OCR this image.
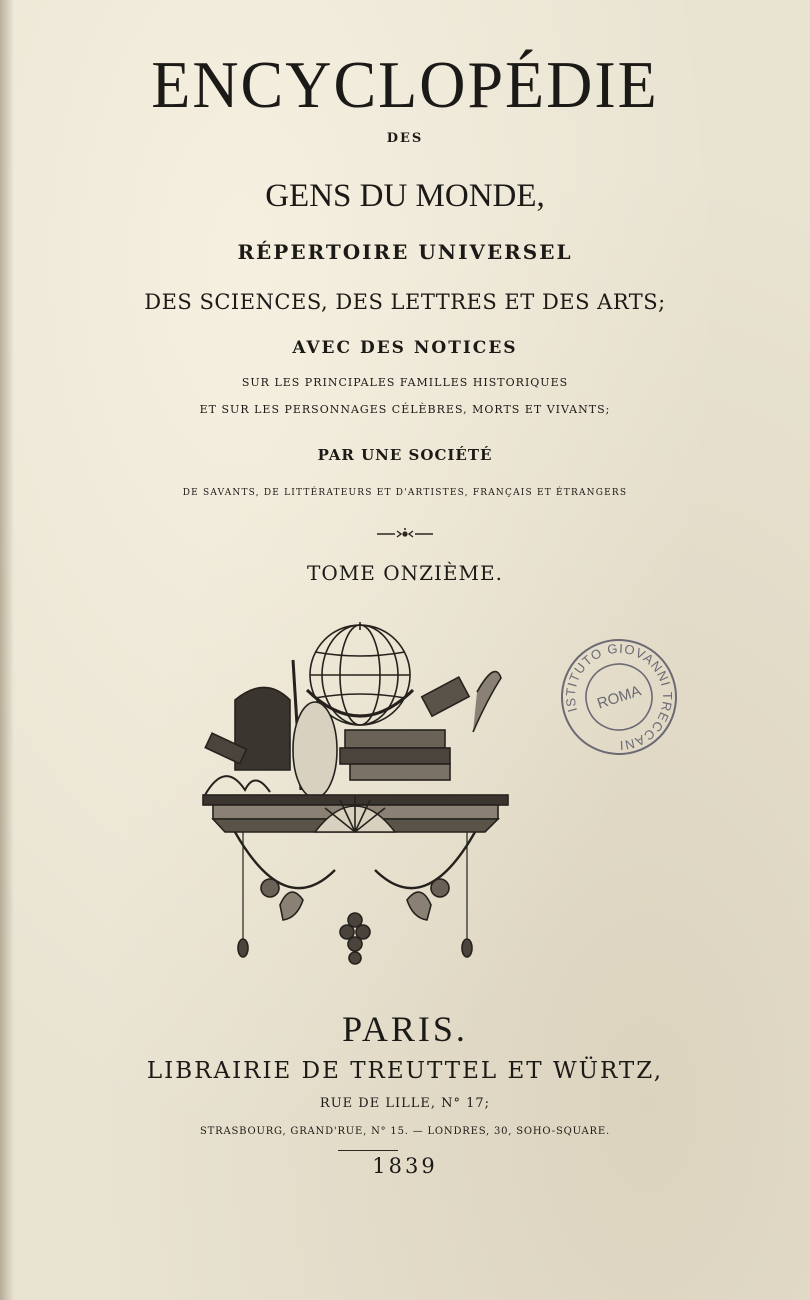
ENCYCLOPÉDIE
DES
GENS DU MONDE,
RÉPERTOIRE UNIVERSEL
DES SCIENCES, DES LETTRES ET DES ARTS;
AVEC DES NOTICES
SUR LES PRINCIPALES FAMILLES HISTORIQUES
ET SUR LES PERSONNAGES CÉLÈBRES, MORTS ET VIVANTS;
PAR UNE SOCIÉTÉ
DE SAVANTS, DE LITTÉRATEURS ET D'ARTISTES, FRANÇAIS ET ÉTRANGERS
TOME ONZIÈME.
ISTITUTO GIOVANNI TRECCANI
ROMA
PARIS.
LIBRAIRIE DE TREUTTEL ET WÜRTZ,
RUE DE LILLE, N° 17;
STRASBOURG, GRAND'RUE, N° 15. — LONDRES, 30, SOHO-SQUARE.
1839
